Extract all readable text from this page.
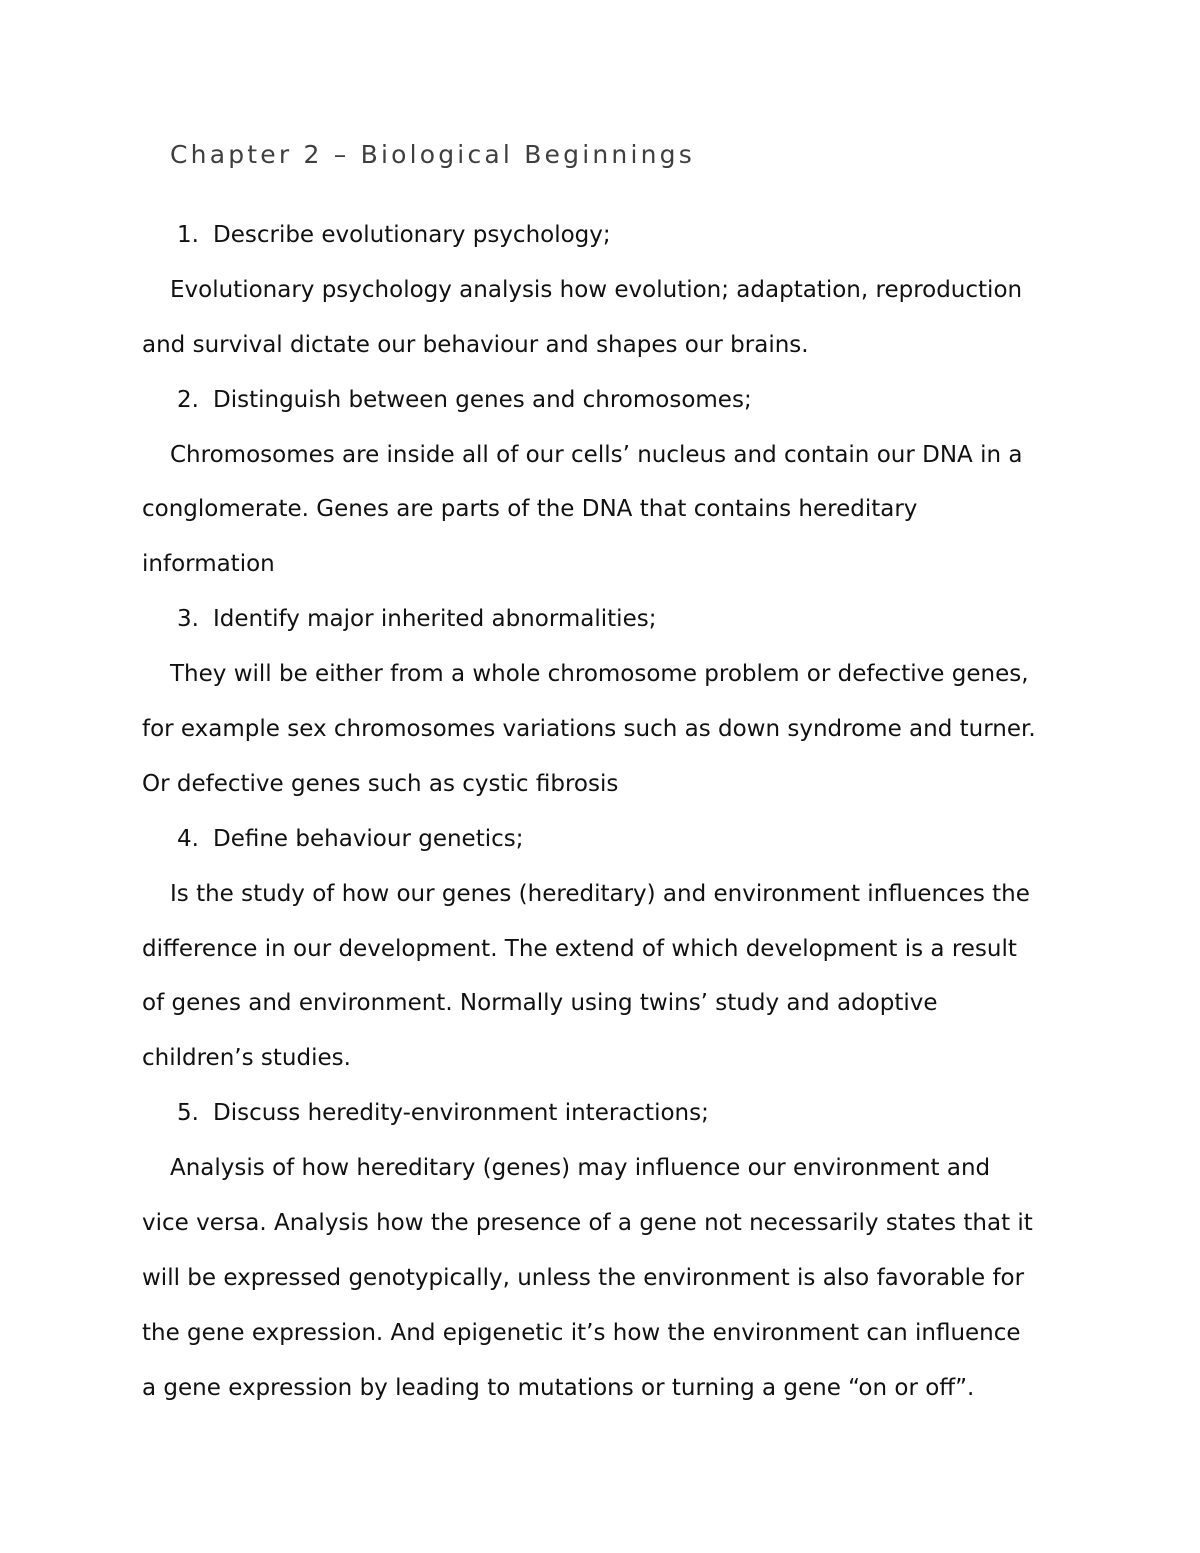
Chapter 2 – Biological Beginnings
1. Describe evolutionary psychology;
Evolutionary psychology analysis how evolution; adaptation, reproduction
and survival dictate our behaviour and shapes our brains.
2. Distinguish between genes and chromosomes;
Chromosomes are inside all of our cells’ nucleus and contain our DNA in a
conglomerate. Genes are parts of the DNA that contains hereditary
information
3. Identify major inherited abnormalities;
They will be either from a whole chromosome problem or defective genes,
for example sex chromosomes variations such as down syndrome and turner.
Or defective genes such as cystic fibrosis
4. Define behaviour genetics;
Is the study of how our genes (hereditary) and environment influences the
difference in our development. The extend of which development is a result
of genes and environment. Normally using twins’ study and adoptive
children’s studies.
5. Discuss heredity-environment interactions;
Analysis of how hereditary (genes) may influence our environment and
vice versa. Analysis how the presence of a gene not necessarily states that it
will be expressed genotypically, unless the environment is also favorable for
the gene expression. And epigenetic it’s how the environment can influence
a gene expression by leading to mutations or turning a gene “on or off”.
